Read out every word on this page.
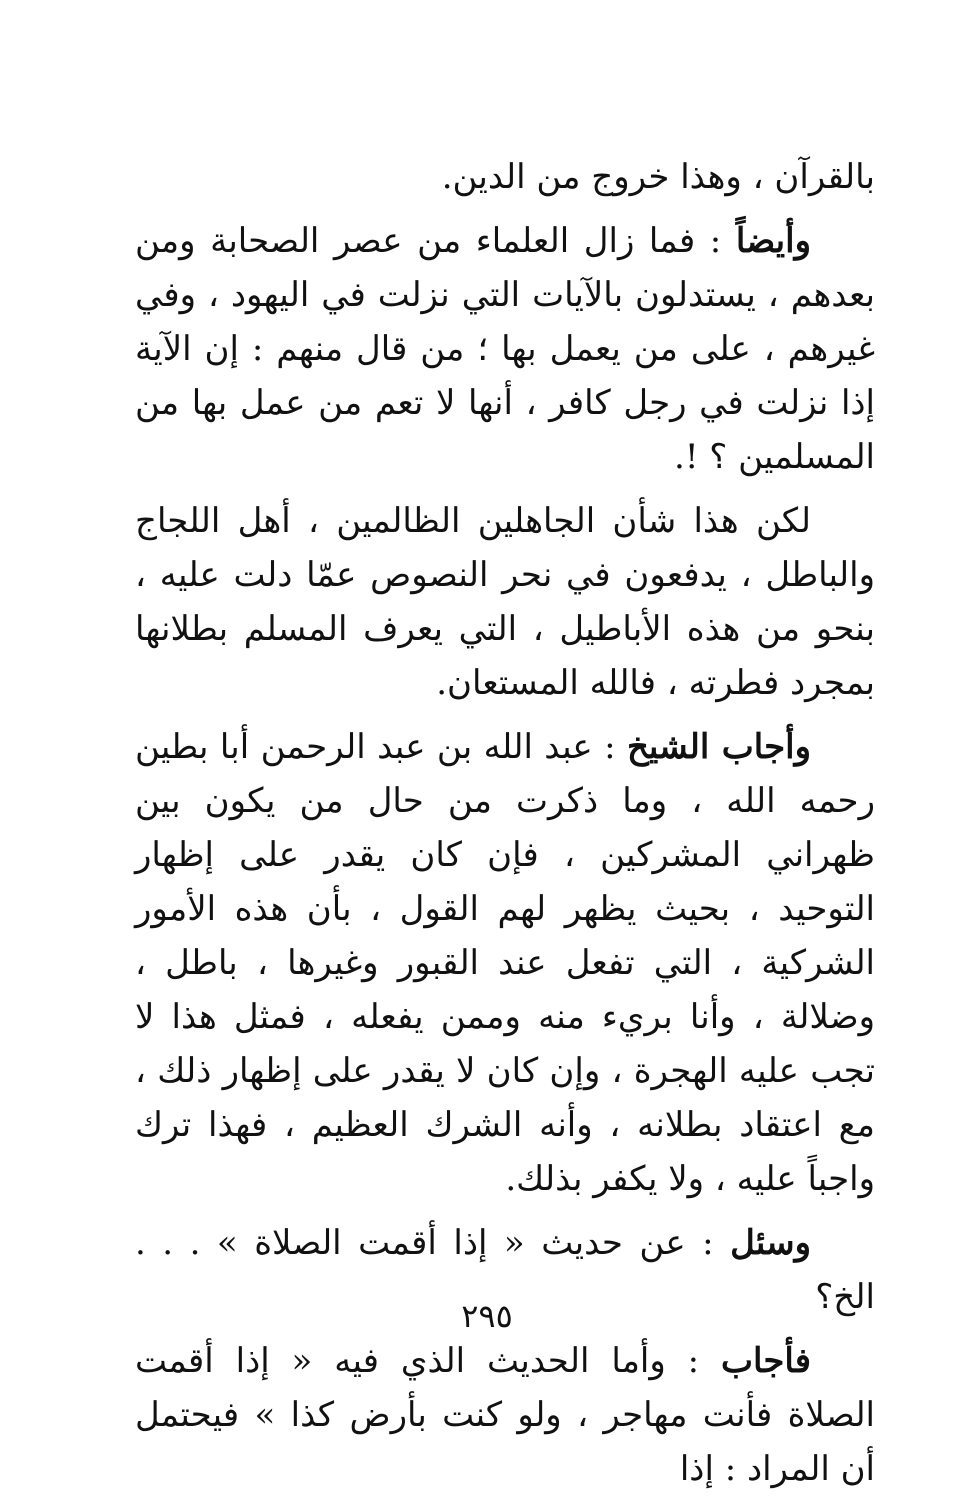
بالقرآن ، وهذا خروج من الدين.

وأيضاً : فما زال العلماء من عصر الصحابة ومن بعدهم ، يستدلون بالآيات التي نزلت في اليهود ، وفي غيرهم ، على من يعمل بها ؛ من قال منهم : إن الآية إذا نزلت في رجل كافر ، أنها لا تعم من عمل بها من المسلمين ؟ !.

لكن هذا شأن الجاهلين الظالمين ، أهل اللجاج والباطل ، يدفعون في نحر النصوص عمّا دلت عليه ، بنحو من هذه الأباطيل ، التي يعرف المسلم بطلانها بمجرد فطرته ، فالله المستعان.

وأجاب الشيخ : عبد الله بن عبد الرحمن أبا بطين رحمه الله ، وما ذكرت من حال من يكون بين ظهراني المشركين ، فإن كان يقدر على إظهار التوحيد ، بحيث يظهر لهم القول ، بأن هذه الأمور الشركية ، التي تفعل عند القبور وغيرها ، باطل ، وضلالة ، وأنا بريء منه وممن يفعله ، فمثل هذا لا تجب عليه الهجرة ، وإن كان لا يقدر على إظهار ذلك ، مع اعتقاد بطلانه ، وأنه الشرك العظيم ، فهذا ترك واجباً عليه ، ولا يكفر بذلك.

وسئل : عن حديث « إذا أقمت الصلاة » . . . الخ؟

فأجاب : وأما الحديث الذي فيه « إذا أقمت الصلاة فأنت مهاجر ، ولو كنت بأرض كذا » فيحتمل أن المراد : إذا

٢٩٥
